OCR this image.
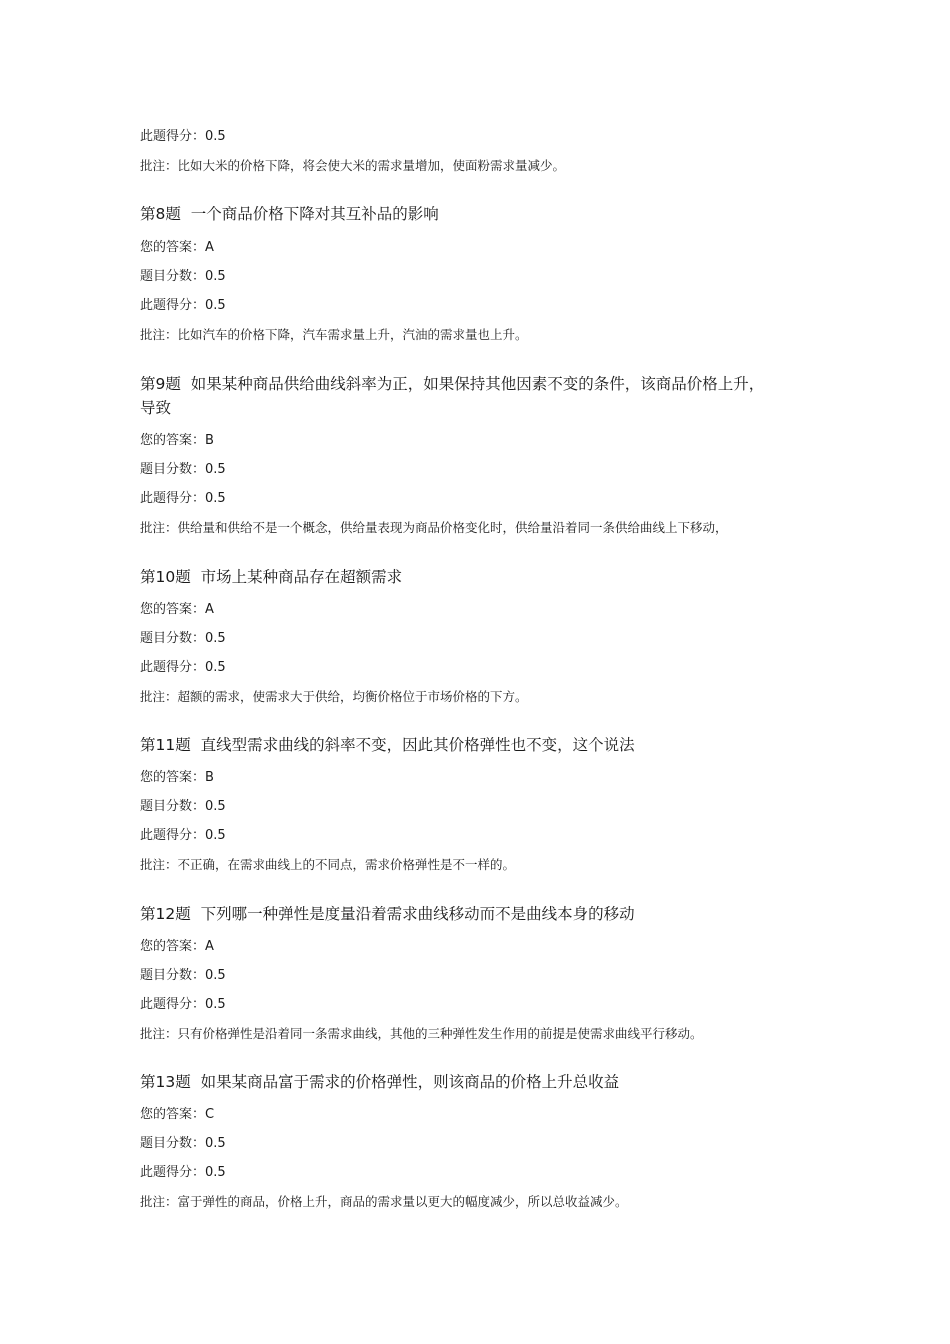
此题得分：0.5
批注：比如大米的价格下降，将会使大米的需求量增加，使面粉需求量减少。
第8题 一个商品价格下降对其互补品的影响
您的答案：A
题目分数：0.5
此题得分：0.5
批注：比如汽车的价格下降，汽车需求量上升，汽油的需求量也上升。
第9题 如果某种商品供给曲线斜率为正，如果保持其他因素不变的条件，该商品价格上升，
导致
您的答案：B
题目分数：0.5
此题得分：0.5
批注：供给量和供给不是一个概念，供给量表现为商品价格变化时，供给量沿着同一条供给曲线上下移动，
第10题 市场上某种商品存在超额需求
您的答案：A
题目分数：0.5
此题得分：0.5
批注：超额的需求，使需求大于供给，均衡价格位于市场价格的下方。
第11题 直线型需求曲线的斜率不变，因此其价格弹性也不变，这个说法
您的答案：B
题目分数：0.5
此题得分：0.5
批注：不正确，在需求曲线上的不同点，需求价格弹性是不一样的。
第12题 下列哪一种弹性是度量沿着需求曲线移动而不是曲线本身的移动
您的答案：A
题目分数：0.5
此题得分：0.5
批注：只有价格弹性是沿着同一条需求曲线，其他的三种弹性发生作用的前提是使需求曲线平行移动。
第13题 如果某商品富于需求的价格弹性，则该商品的价格上升总收益
您的答案：C
题目分数：0.5
此题得分：0.5
批注：富于弹性的商品，价格上升，商品的需求量以更大的幅度减少，所以总收益减少。
